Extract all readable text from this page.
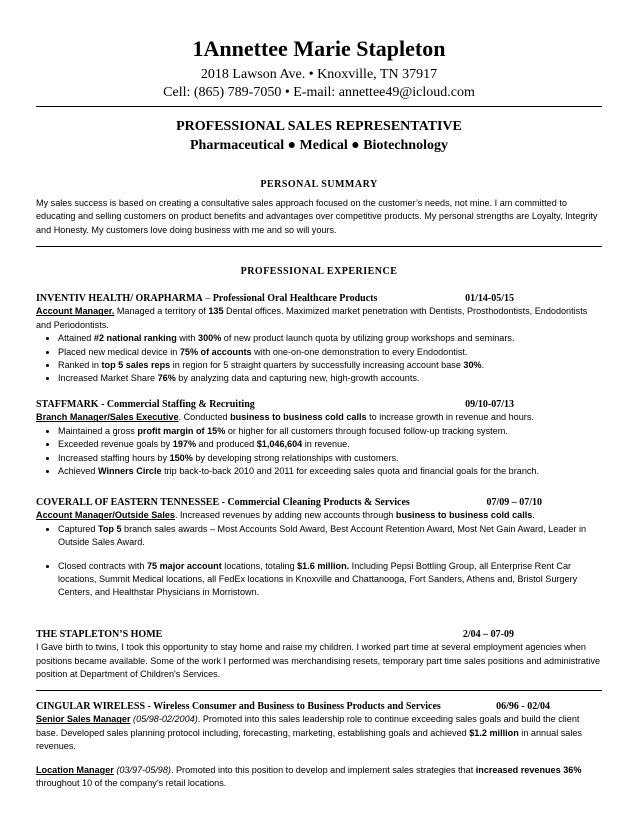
1Annettee Marie Stapleton
2018 Lawson Ave. • Knoxville, TN 37917
Cell: (865) 789-7050 • E-mail: annettee49@icloud.com
PROFESSIONAL SALES REPRESENTATIVE
Pharmaceutical ● Medical ● Biotechnology
PERSONAL SUMMARY
My sales success is based on creating a consultative sales approach focused on the customer’s needs, not mine. I am committed to educating and selling customers on product benefits and advantages over competitive products. My personal strengths are Loyalty, Integrity and Honesty. My customers love doing business with me and so will yours.
PROFESSIONAL EXPERIENCE
INVENTIV HEALTH/ ORAPHARMA – Professional Oral Healthcare Products	01/14-05/15
Account Manager. Managed a territory of 135 Dental offices. Maximized market penetration with Dentists, Prosthodontists, Endodontists and Periodontists.
• Attained #2 national ranking with 300% of new product launch quota by utilizing group workshops and seminars.
• Placed new medical device in 75% of accounts with one-on-one demonstration to every Endodontist.
• Ranked in top 5 sales reps in region for 5 straight quarters by successfully increasing account base 30%.
• Increased Market Share 76% by analyzing data and capturing new, high-growth accounts.
STAFFMARK - Commercial Staffing & Recruiting	09/10-07/13
Branch Manager/Sales Executive. Conducted business to business cold calls to increase growth in revenue and hours.
• Maintained a gross profit margin of 15% or higher for all customers through focused follow-up tracking system.
• Exceeded revenue goals by 197% and produced $1,046,604 in revenue.
• Increased staffing hours by 150% by developing strong relationships with customers.
• Achieved Winners Circle trip back-to-back 2010 and 2011 for exceeding sales quota and financial goals for the branch.
COVERALL OF EASTERN TENNESSEE - Commercial Cleaning Products & Services	07/09 – 07/10
Account Manager/Outside Sales. Increased revenues by adding new accounts through business to business cold calls.
• Captured Top 5 branch sales awards – Most Accounts Sold Award, Best Account Retention Award, Most Net Gain Award, Leader in Outside Sales Award.
• Closed contracts with 75 major account locations, totaling $1.6 million. Including Pepsi Bottling Group, all Enterprise Rent Car locations, Summit Medical locations, all FedEx locations in Knoxville and Chattanooga, Fort Sanders, Athens and, Bristol Surgery Centers, and Healthstar Physicians in Morristown.
THE STAPLETON’S HOME	2/04 – 07-09
I Gave birth to twins, I took this opportunity to stay home and raise my children. I worked part time at several employment agencies when positions became available. Some of the work I performed was merchandising resets, temporary part time sales positions and administrative position at Department of Children's Services.
CINGULAR WIRELESS - Wireless Consumer and Business to Business Products and Services	06/96 - 02/04
Senior Sales Manager (05/98-02/2004). Promoted into this sales leadership role to continue exceeding sales goals and build the client base. Developed sales planning protocol including, forecasting, marketing, establishing goals and achieved $1.2 million in annual sales revenues.
Location Manager (03/97-05/98). Promoted into this position to develop and implement sales strategies that increased revenues 36% throughout 10 of the company's retail locations.
